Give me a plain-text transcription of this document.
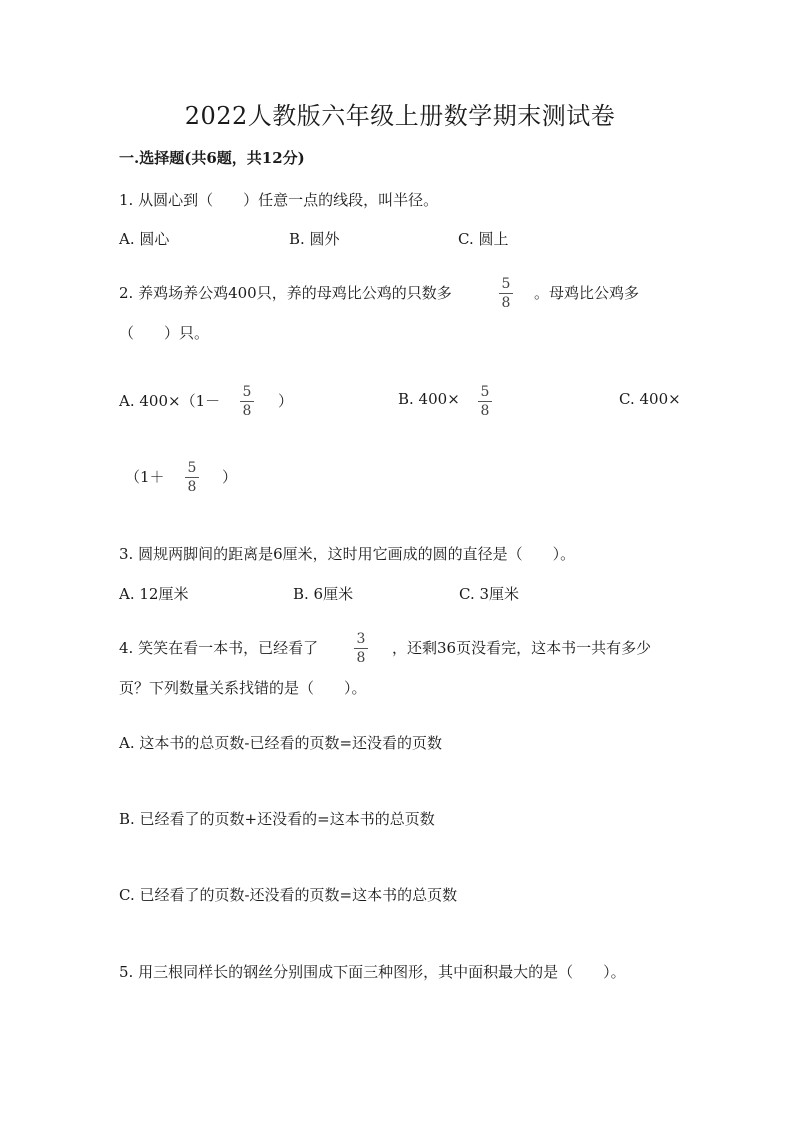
2022人教版六年级上册数学期末测试卷
一.选择题(共6题，共12分)
1. 从圆心到（　　）任意一点的线段，叫半径。
A. 圆心	B. 圆外	C. 圆上
2. 养鸡场养公鸡400只，养的母鸡比公鸡的只数多	5
8
。母鸡比公鸡多
（　　）只。
A. 400×（1－ 5
8
）	B. 400× 5
8
C. 400×
（1＋ 5
8
）
3. 圆规两脚间的距离是6厘米，这时用它画成的圆的直径是（　　）。
A. 12厘米	B. 6厘米	C. 3厘米
4. 笑笑在看一本书，已经看了	3
8
，还剩36页没看完，这本书一共有多少
页？下列数量关系找错的是（　　）。
A. 这本书的总页数-已经看的页数=还没看的页数
B. 已经看了的页数+还没看的=这本书的总页数
C. 已经看了的页数-还没看的页数=这本书的总页数
5. 用三根同样长的钢丝分别围成下面三种图形，其中面积最大的是（　　）。
